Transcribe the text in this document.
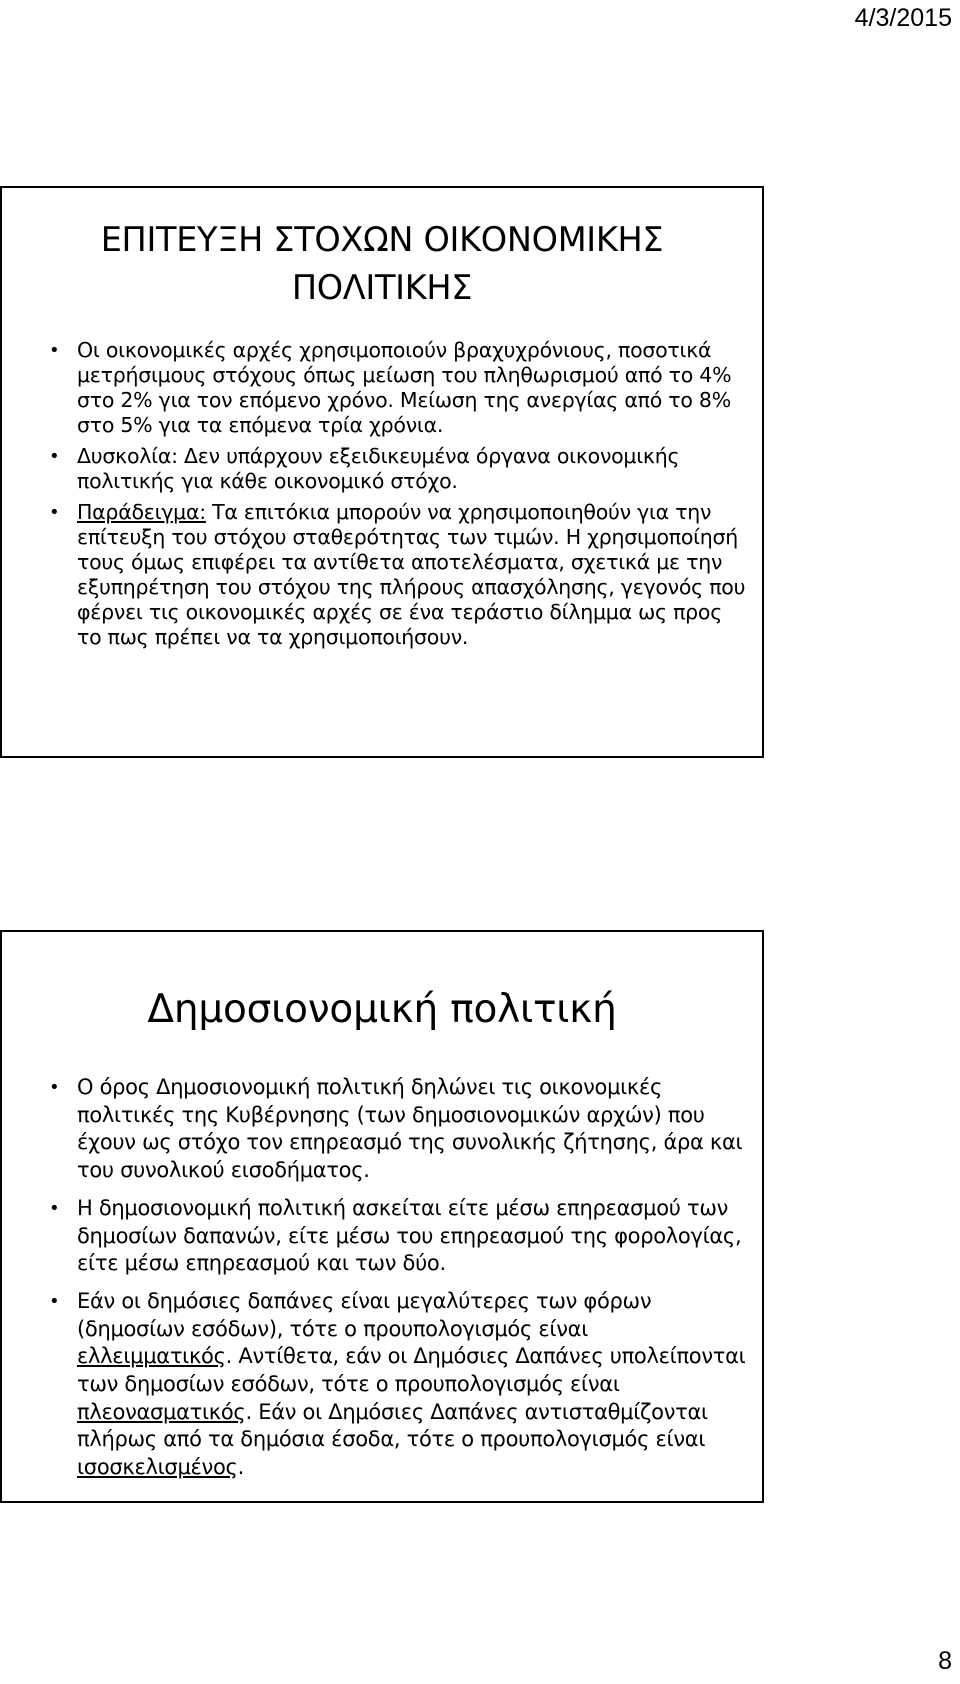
4/3/2015
ΕΠΙΤΕΥΞΗ ΣΤΟΧΩΝ ΟΙΚΟΝΟΜΙΚΗΣ
ΠΟΛΙΤΙΚΗΣ
• Οι οικονομικές αρχές χρησιμοποιούν βραχυχρόνιους, ποσοτικά μετρήσιμους στόχους όπως μείωση του πληθωρισμού από το 4% στο 2% για τον επόμενο χρόνο. Μείωση της ανεργίας από το 8% στο 5% για τα επόμενα τρία χρόνια.
• Δυσκολία: Δεν υπάρχουν εξειδικευμένα όργανα οικονομικής πολιτικής για κάθε οικονομικό στόχο.
• Παράδειγμα: Τα επιτόκια μπορούν να χρησιμοποιηθούν για την επίτευξη του στόχου σταθερότητας των τιμών. Η χρησιμοποίησή τους όμως επιφέρει τα αντίθετα αποτελέσματα, σχετικά με την εξυπηρέτηση του στόχου της πλήρους απασχόλησης, γεγονός που φέρνει τις οικονομικές αρχές σε ένα τεράστιο δίλημμα ως προς το πως πρέπει να τα χρησιμοποιήσουν.
Δημοσιονομική πολιτική
• Ο όρος Δημοσιονομική πολιτική δηλώνει τις οικονομικές πολιτικές της Κυβέρνησης (των δημοσιονομικών αρχών) που έχουν ως στόχο τον επηρεασμό της συνολικής ζήτησης, άρα και του συνολικού εισοδήματος.
• Η δημοσιονομική πολιτική ασκείται είτε μέσω επηρεασμού των δημοσίων δαπανών, είτε μέσω του επηρεασμού της φορολογίας, είτε μέσω επηρεασμού και των δύο.
• Εάν οι δημόσιες δαπάνες είναι μεγαλύτερες των φόρων (δημοσίων εσόδων), τότε ο προυπολογισμός είναι ελλειμματικός. Αντίθετα, εάν οι Δημόσιες Δαπάνες υπολείπονται των δημοσίων εσόδων, τότε ο προυπολογισμός είναι πλεονασματικός. Εάν οι Δημόσιες Δαπάνες αντισταθμίζονται πλήρως από τα δημόσια έσοδα, τότε ο προυπολογισμός είναι ισοσκελισμένος.
8
